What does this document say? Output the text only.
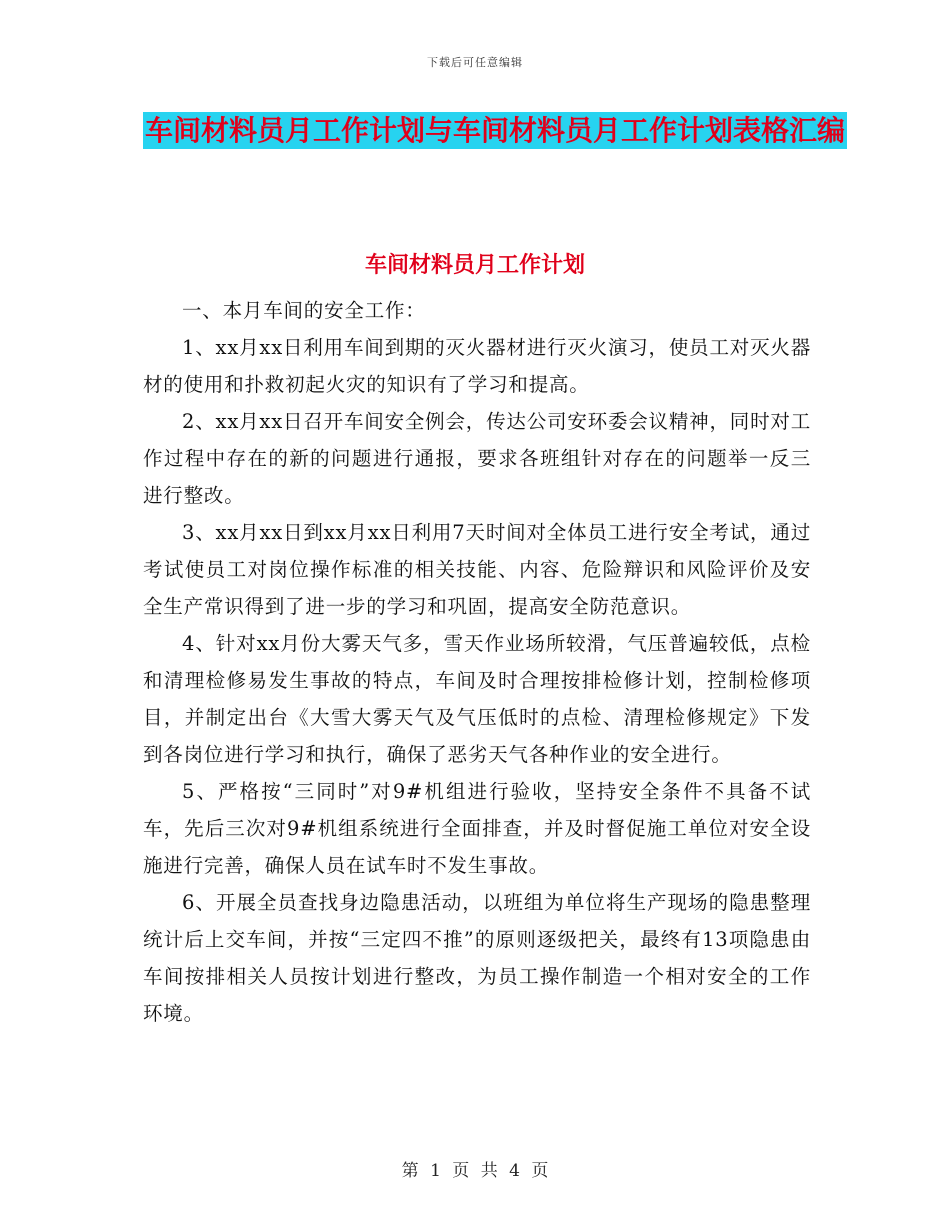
下载后可任意编辑
车间材料员月工作计划与车间材料员月工作计划表格汇编
车间材料员月工作计划

一、本月车间的安全工作：

1、xx月xx日利用车间到期的灭火器材进行灭火演习，使员工对灭火器材的使用和扑救初起火灾的知识有了学习和提高。

2、xx月xx日召开车间安全例会，传达公司安环委会议精神，同时对工作过程中存在的新的问题进行通报，要求各班组针对存在的问题举一反三进行整改。

3、xx月xx日到xx月xx日利用7天时间对全体员工进行安全考试，通过考试使员工对岗位操作标准的相关技能、内容、危险辩识和风险评价及安全生产常识得到了进一步的学习和巩固，提高安全防范意识。

4、针对xx月份大雾天气多，雪天作业场所较滑，气压普遍较低，点检和清理检修易发生事故的特点，车间及时合理按排检修计划，控制检修项目，并制定出台《大雪大雾天气及气压低时的点检、清理检修规定》下发到各岗位进行学习和执行，确保了恶劣天气各种作业的安全进行。

5、严格按“三同时”对9#机组进行验收，坚持安全条件不具备不试车，先后三次对9#机组系统进行全面排查，并及时督促施工单位对安全设施进行完善，确保人员在试车时不发生事故。

6、开展全员查找身边隐患活动，以班组为单位将生产现场的隐患整理统计后上交车间，并按“三定四不推”的原则逐级把关，最终有13项隐患由车间按排相关人员按计划进行整改，为员工操作制造一个相对安全的工作环境。

第 1 页 共 4 页
